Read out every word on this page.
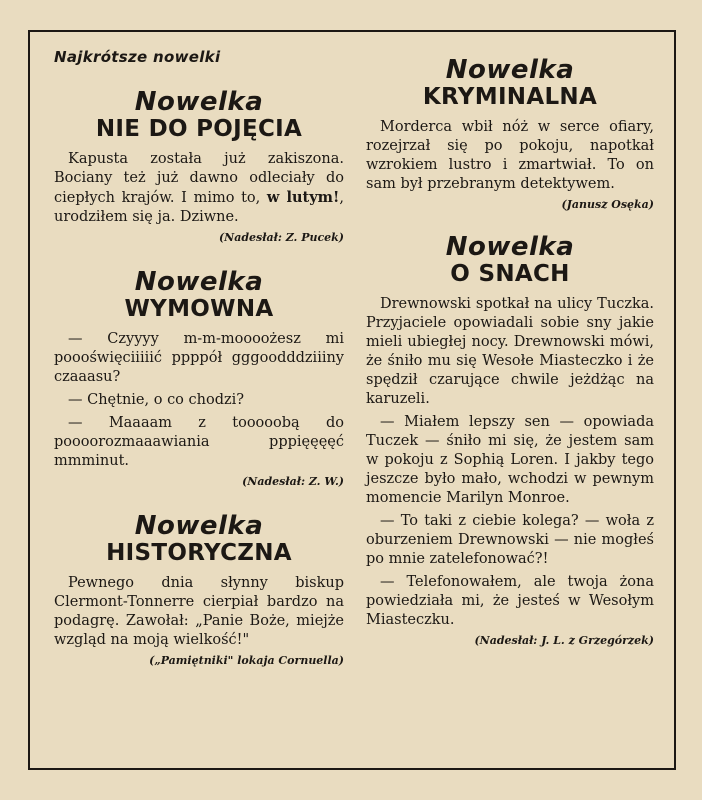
Najkrótsze nowelki
Nowelka
NIE DO POJĘCIA

Kapusta została już zakiszona. Bociany też już dawno odleciały do ciepłych krajów. I mimo to, w lutym!, urodziłem się ja. Dziwne.

(Nadesłał: Z. Pucek)
Nowelka
WYMOWNA

— Czyyyy m-m-moooożesz mi poooświęciiiiić ppppół gggoodddziiiny czaaasu?

— Chętnie, o co chodzi?

— Maaaam z tooooobą do poooorozmaaawiania pppięęęęć mmminut.

(Nadesłał: Z. W.)
Nowelka
HISTORYCZNA

Pewnego dnia słynny biskup Clermont-Tonnerre cierpiał bardzo na podagrę. Zawołał: „Panie Boże, miejże wzgląd na moją wielkość!"

(„Pamiętniki" lokaja Cornuella)
Nowelka
KRYMINALNA

Morderca wbił nóż w serce ofiary, rozejrzał się po pokoju, napotkał wzrokiem lustro i zmartwiał. To on sam był przebranym detektywem.

(Janusz Osęka)
Nowelka
O SNACH

Drewnowski spotkał na ulicy Tuczka. Przyjaciele opowiadali sobie sny jakie mieli ubiegłej nocy. Drewnowski mówi, że śniło mu się Wesołe Miasteczko i że spędził czarujące chwile jeżdżąc na karuzeli.

— Miałem lepszy sen — opowiada Tuczek — śniło mi się, że jestem sam w pokoju z Sophią Loren. I jakby tego jeszcze było mało, wchodzi w pewnym momencie Marilyn Monroe.

— To taki z ciebie kolega? — woła z oburzeniem Drewnowski — nie mogłeś po mnie zatelefonować?!

— Telefonowałem, ale twoja żona powiedziała mi, że jesteś w Wesołym Miasteczku.

(Nadesłał: J. L. z Grzegórzek)
